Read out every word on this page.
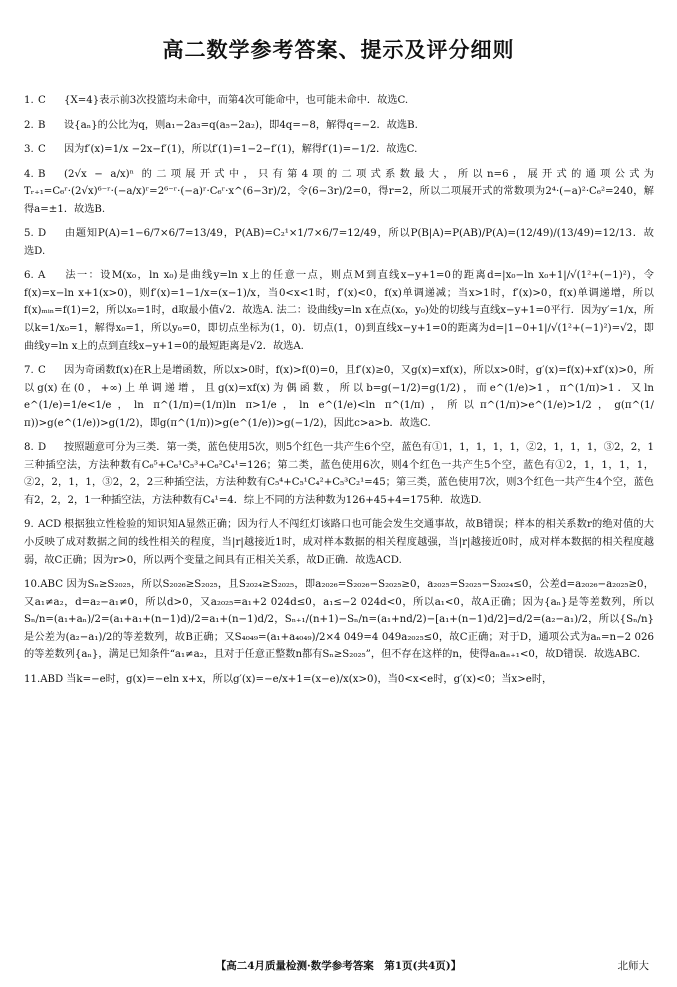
高二数学参考答案、提示及评分细则
1. C {X=4}表示前3次投篮均未命中，而第4次可能命中，也可能未命中．故选C.
2. B 设{aₙ}的公比为q，则a₁−2a₃=q(a₅−2a₂)，即4q=−8，解得q=−2．故选B.
3. C 因为f′(x)=1/x −2x−f′(1)，所以f′(1)=1−2−f′(1)，解得f′(1)=−1/2．故选C.
4. B (2√x − a/x)ⁿ 的二项展开式中，只有第4项的二项式系数最大，所以n=6，展开式的通项公式为 Tᵣ₊₁=C₆ʳ·(2√x)⁶⁻ʳ·(−a/x)ʳ=2⁶⁻ʳ·(−a)ʳ·C₆ʳ·x^(6−3r)/2，令(6−3r)/2=0，得r=2，所以二项展开式的常数项为2⁴·(−a)²·C₆²=240，解得a=±1．故选B.
5. D 由题知P(A)=1−6/7×6/7=13/49，P(AB)=C₂¹×1/7×6/7=12/49，所以P(B|A)=P(AB)/P(A)=(12/49)/(13/49)=12/13．故选D.
6. A 法一：设M(x₀，ln x₀)是曲线y=ln x上的任意一点，则点M到直线x−y+1=0的距离d=|x₀−ln x₀+1|/√(1²+(−1)²)，令f(x)=x−ln x+1(x>0)，则f′(x)=1−1/x=(x−1)/x，当0<x<1时，f′(x)<0，f(x)单调递减；当x>1时，f′(x)>0，f(x)单调递增，所以f(x)ₘᵢₙ=f(1)=2，所以x₀=1时，d取最小值√2．故选A. 法二：设曲线y=ln x在点(x₀，y₀)处的切线与直线x−y+1=0平行．因为y′=1/x，所以k=1/x₀=1，解得x₀=1，所以y₀=0，即切点坐标为(1，0)．切点(1，0)到直线x−y+1=0的距离为d=|1−0+1|/√(1²+(−1)²)=√2，即曲线y=ln x上的点到直线x−y+1=0的最短距离是√2．故选A.
7. C 因为奇函数f(x)在R上是增函数，所以x>0时，f(x)>f(0)=0，且f′(x)≥0，又g(x)=xf(x)，所以x>0时，g′(x)=f(x)+xf′(x)>0，所以g(x)在(0，+∞)上单调递增，且g(x)=xf(x)为偶函数，所以b=g(−1/2)=g(1/2)，而e^(1/e)>1，π^(1/π)>1．又ln e^(1/e)=1/e<1/e，ln π^(1/π)=(1/π)ln π>1/e，ln e^(1/e)<ln π^(1/π)，所以π^(1/π)>e^(1/e)>1/2，g(π^(1/π))>g(e^(1/e))>g(1/2)，即g(π^(1/π))>g(e^(1/e))>g(−1/2)，因此c>a>b．故选C.
8. D 按照题意可分为三类．第一类，蓝色使用5次，则5个红色一共产生6个空，蓝色有①1，1，1，1，1，②2，1，1，1，③2，2，1三种插空法，方法种数有C₆⁵+C₆¹C₅³+C₆²C₄¹=126；第二类，蓝色使用6次，则4个红色一共产生5个空，蓝色有①2，1，1，1，1，②2，2，1，1，③2，2，2三种插空法，方法种数有C₅⁴+C₅¹C₄²+C₅³C₂¹=45；第三类，蓝色使用7次，则3个红色一共产生4个空，蓝色有2，2，2，1一种插空法，方法种数有C₄¹=4．综上不同的方法种数为126+45+4=175种．故选D.
9. ACD 根据独立性检验的知识知A显然正确；因为行人不闯红灯该路口也可能会发生交通事故，故B错误；样本的相关系数r的绝对值的大小反映了成对数据之间的线性相关的程度，当|r|越接近1时，成对样本数据的相关程度越强，当|r|越接近0时，成对样本数据的相关程度越弱，故C正确；因为r>0，所以两个变量之间具有正相关关系，故D正确．故选ACD.
10.ABC 因为Sₙ≥S₂₀₂₅，所以S₂₀₂₆≥S₂₀₂₅，且S₂₀₂₄≥S₂₀₂₅，即a₂₀₂₆=S₂₀₂₆−S₂₀₂₅≥0，a₂₀₂₅=S₂₀₂₅−S₂₀₂₄≤0，公差d=a₂₀₂₆−a₂₀₂₅≥0，又a₁≠a₂，d=a₂−a₁≠0，所以d>0，又a₂₀₂₅=a₁+2 024d≤0，a₁≤−2 024d<0，所以a₁<0，故A正确；因为{aₙ}是等差数列，所以Sₙ/n=(a₁+aₙ)/2=(a₁+a₁+(n−1)d)/2=a₁+(n−1)d/2，Sₙ₊₁/(n+1)−Sₙ/n=(a₁+nd/2)−[a₁+(n−1)d/2]=d/2=(a₂−a₁)/2，所以{Sₙ/n}是公差为(a₂−a₁)/2的等差数列，故B正确；又S₄₀₄₉=(a₁+a₄₀₄₉)/2×4 049=4 049a₂₀₂₅≤0，故C正确；对于D，通项公式为aₙ=n−2 026的等差数列{aₙ}，满足已知条件“a₁≠a₂，且对于任意正整数n都有Sₙ≥S₂₀₂₅”，但不存在这样的n，使得aₙaₙ₊₁<0，故D错误．故选ABC.
11.ABD 当k=−e时，g(x)=−eln x+x，所以g′(x)=−e/x+1=(x−e)/x(x>0)，当0<x<e时，g′(x)<0；当x>e时，
【高二4月质量检测·数学参考答案　第1页(共4页)】	北师大
